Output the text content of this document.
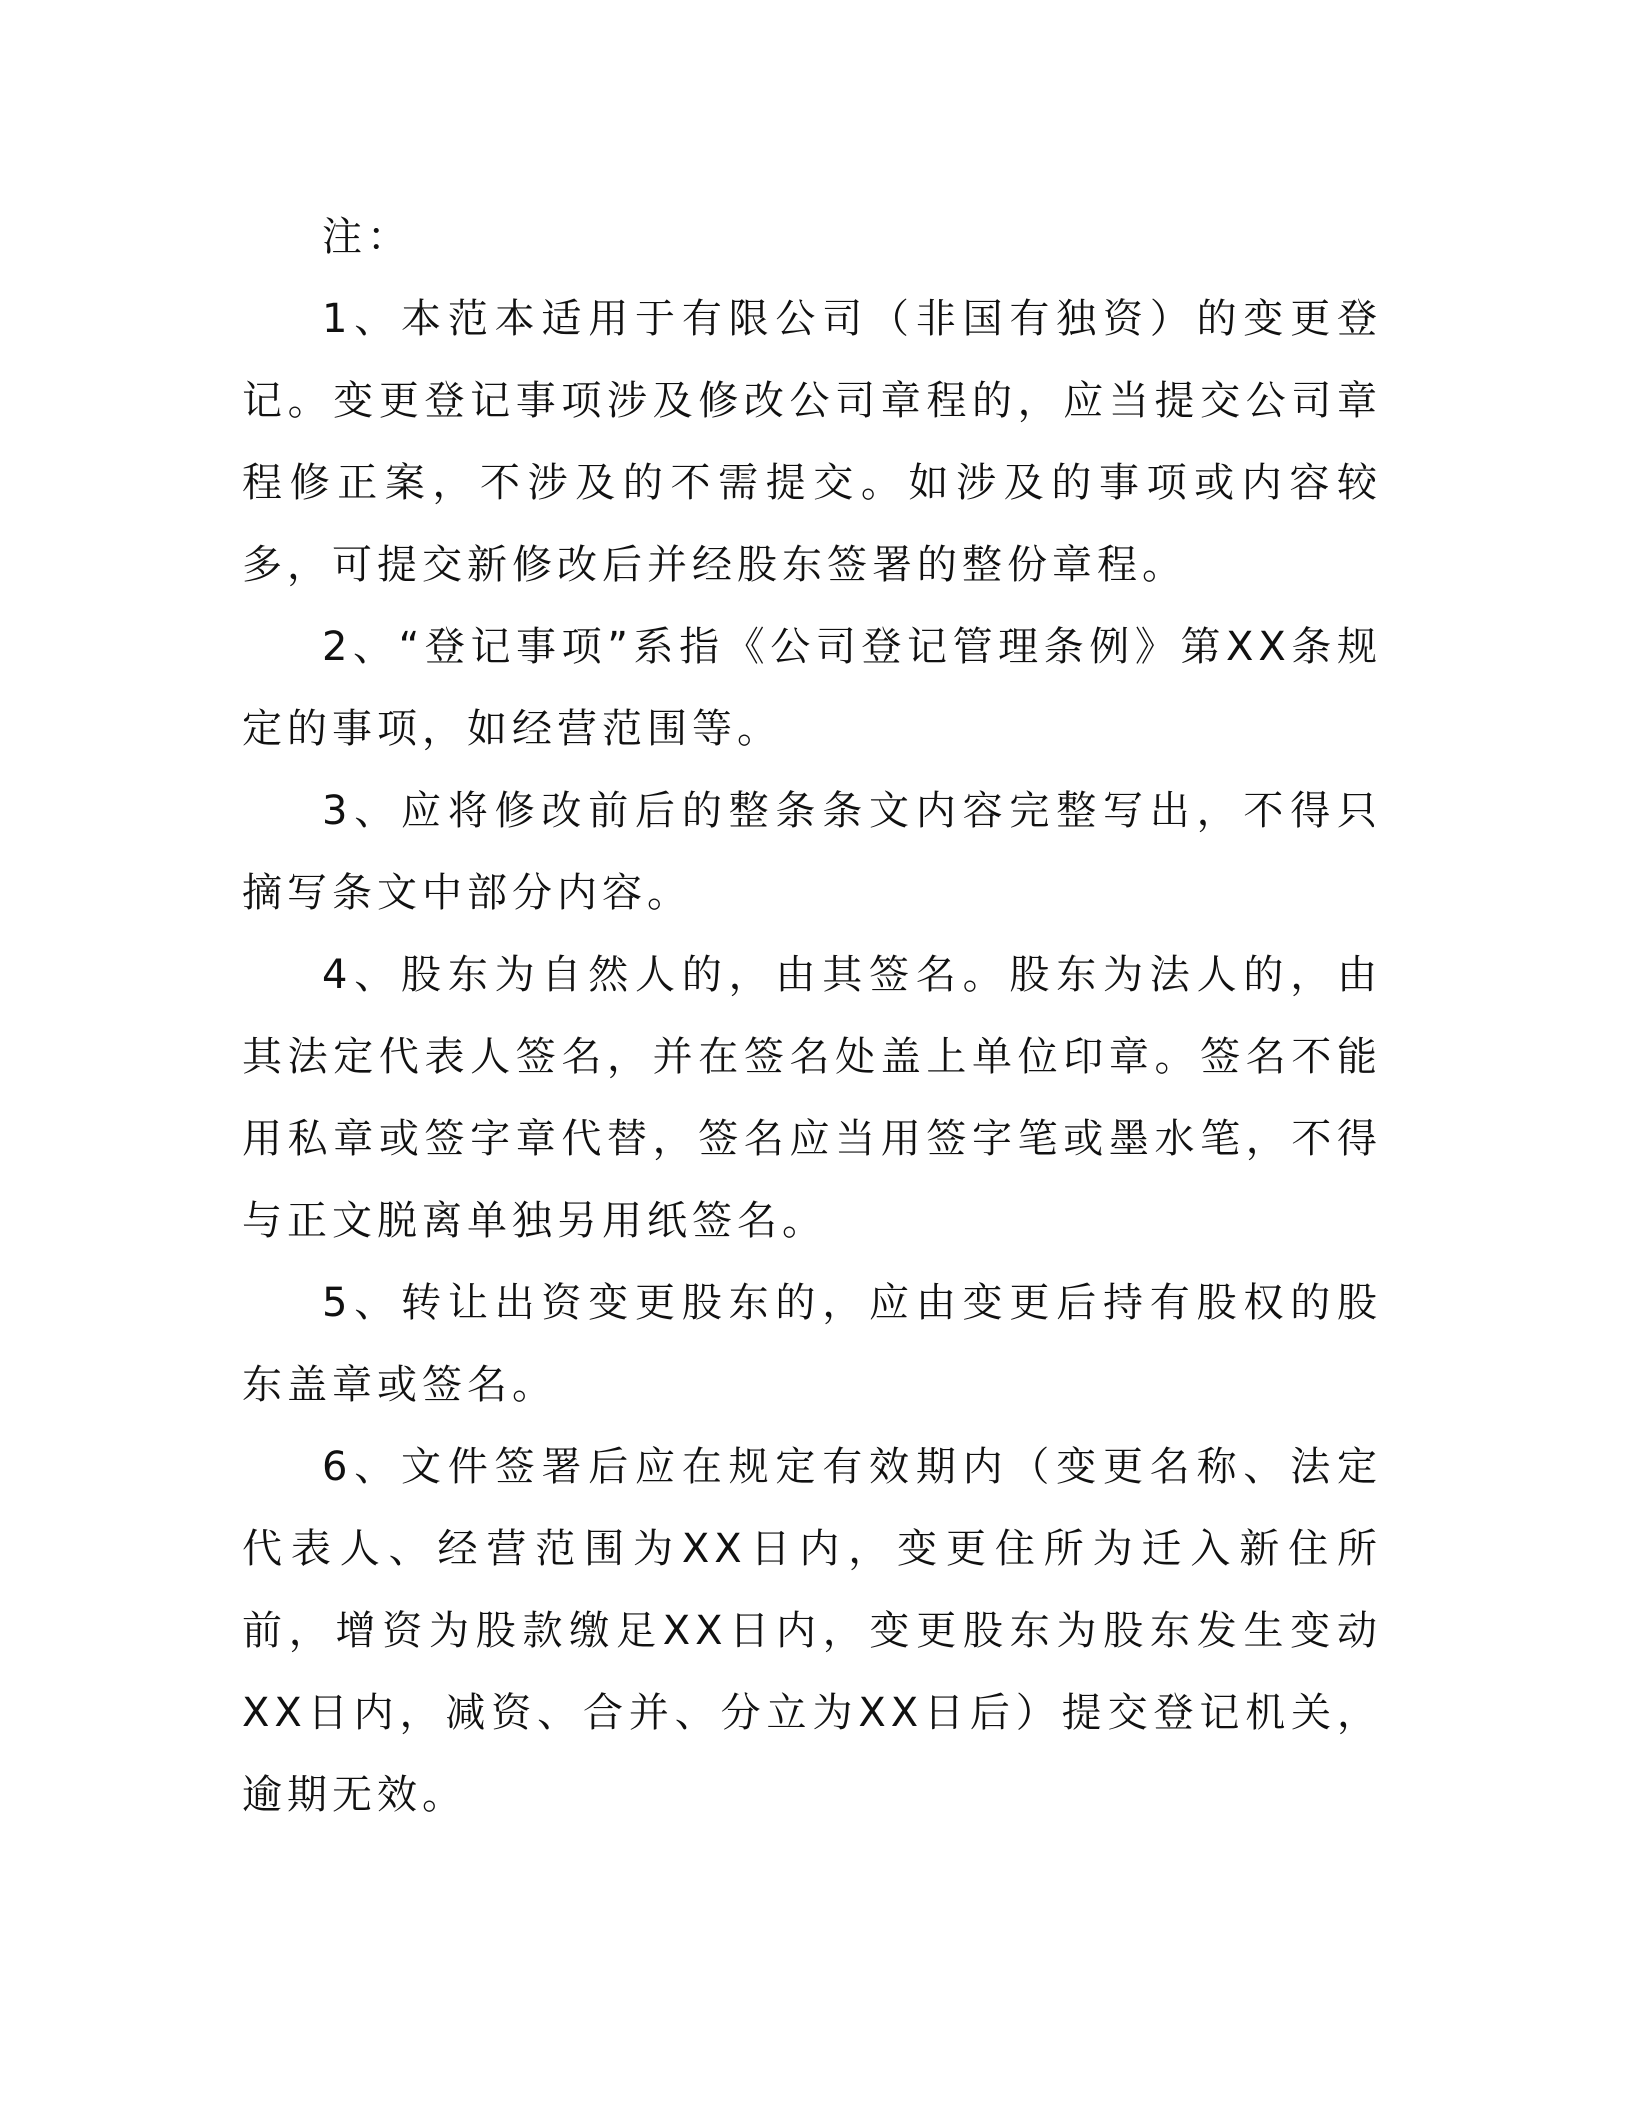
注：

1、本范本适用于有限公司（非国有独资）的变更登记。变更登记事项涉及修改公司章程的，应当提交公司章程修正案，不涉及的不需提交。如涉及的事项或内容较多，可提交新修改后并经股东签署的整份章程。

2、“登记事项”系指《公司登记管理条例》第XX条规定的事项，如经营范围等。

3、应将修改前后的整条条文内容完整写出，不得只摘写条文中部分内容。

4、股东为自然人的，由其签名。股东为法人的，由其法定代表人签名，并在签名处盖上单位印章。签名不能用私章或签字章代替，签名应当用签字笔或墨水笔，不得与正文脱离单独另用纸签名。

5、转让出资变更股东的，应由变更后持有股权的股东盖章或签名。

6、文件签署后应在规定有效期内（变更名称、法定代表人、经营范围为XX日内，变更住所为迁入新住所前，增资为股款缴足XX日内，变更股东为股东发生变动XX日内，减资、合并、分立为XX日后）提交登记机关，逾期无效。
